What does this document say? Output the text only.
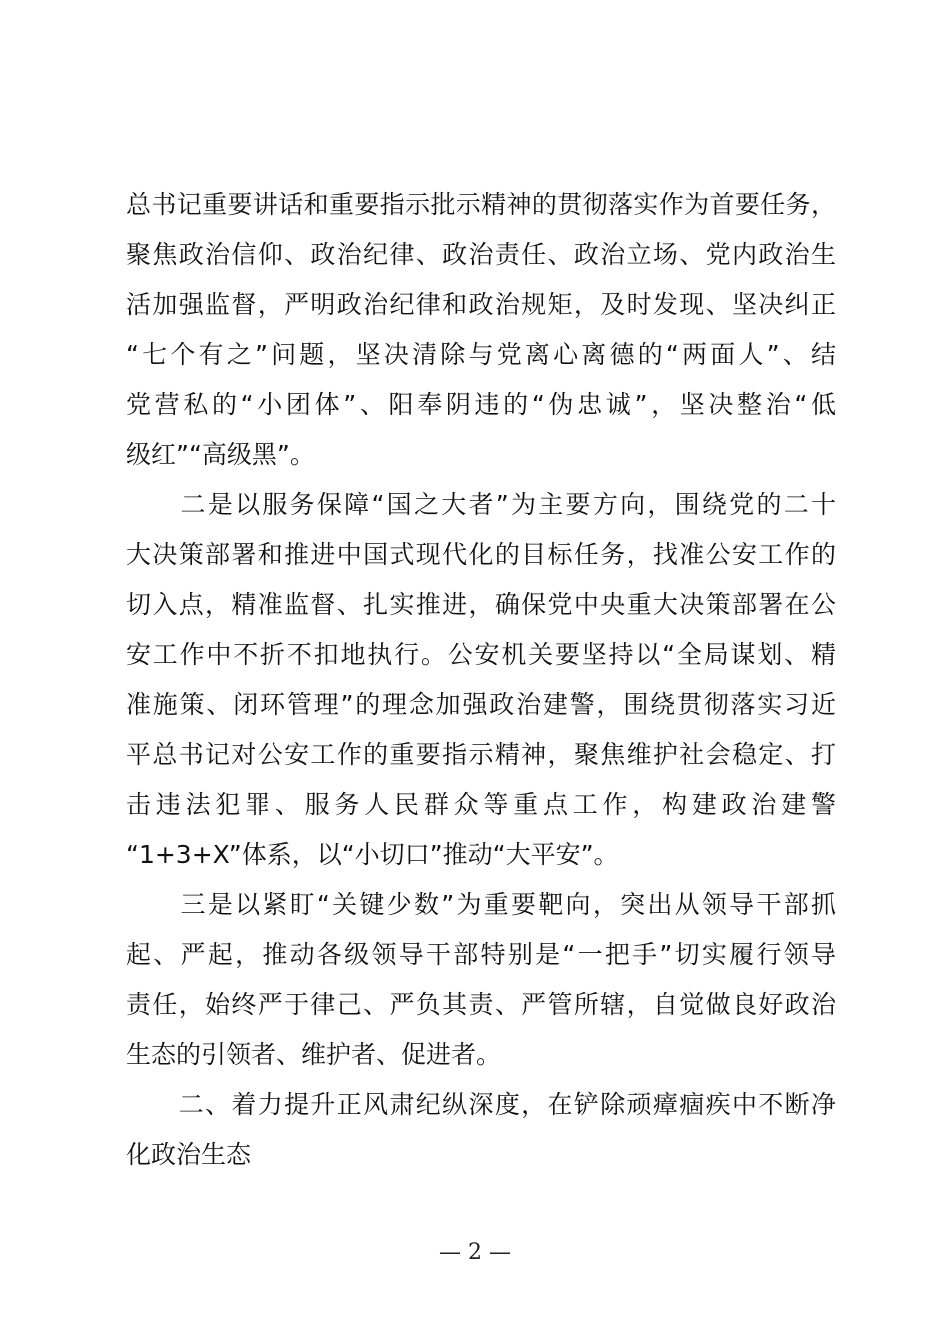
总书记重要讲话和重要指示批示精神的贯彻落实作为首要任务，
聚焦政治信仰、政治纪律、政治责任、政治立场、党内政治生
活加强监督，严明政治纪律和政治规矩，及时发现、坚决纠正
“七个有之”问题，坚决清除与党离心离德的“两面人”、结
党营私的“小团体”、阳奉阴违的“伪忠诚”，坚决整治“低
级红”“高级黑”。
　　二是以服务保障“国之大者”为主要方向，围绕党的二十
大决策部署和推进中国式现代化的目标任务，找准公安工作的
切入点，精准监督、扎实推进，确保党中央重大决策部署在公
安工作中不折不扣地执行。公安机关要坚持以“全局谋划、精
准施策、闭环管理”的理念加强政治建警，围绕贯彻落实习近
平总书记对公安工作的重要指示精神，聚焦维护社会稳定、打
击违法犯罪、服务人民群众等重点工作，构建政治建警
“1+3+X”体系，以“小切口”推动“大平安”。
　　三是以紧盯“关键少数”为重要靶向，突出从领导干部抓
起、严起，推动各级领导干部特别是“一把手”切实履行领导
责任，始终严于律己、严负其责、严管所辖，自觉做良好政治
生态的引领者、维护者、促进者。
　　二、着力提升正风肃纪纵深度，在铲除顽瘴痼疾中不断净
化政治生态
— 2 —
